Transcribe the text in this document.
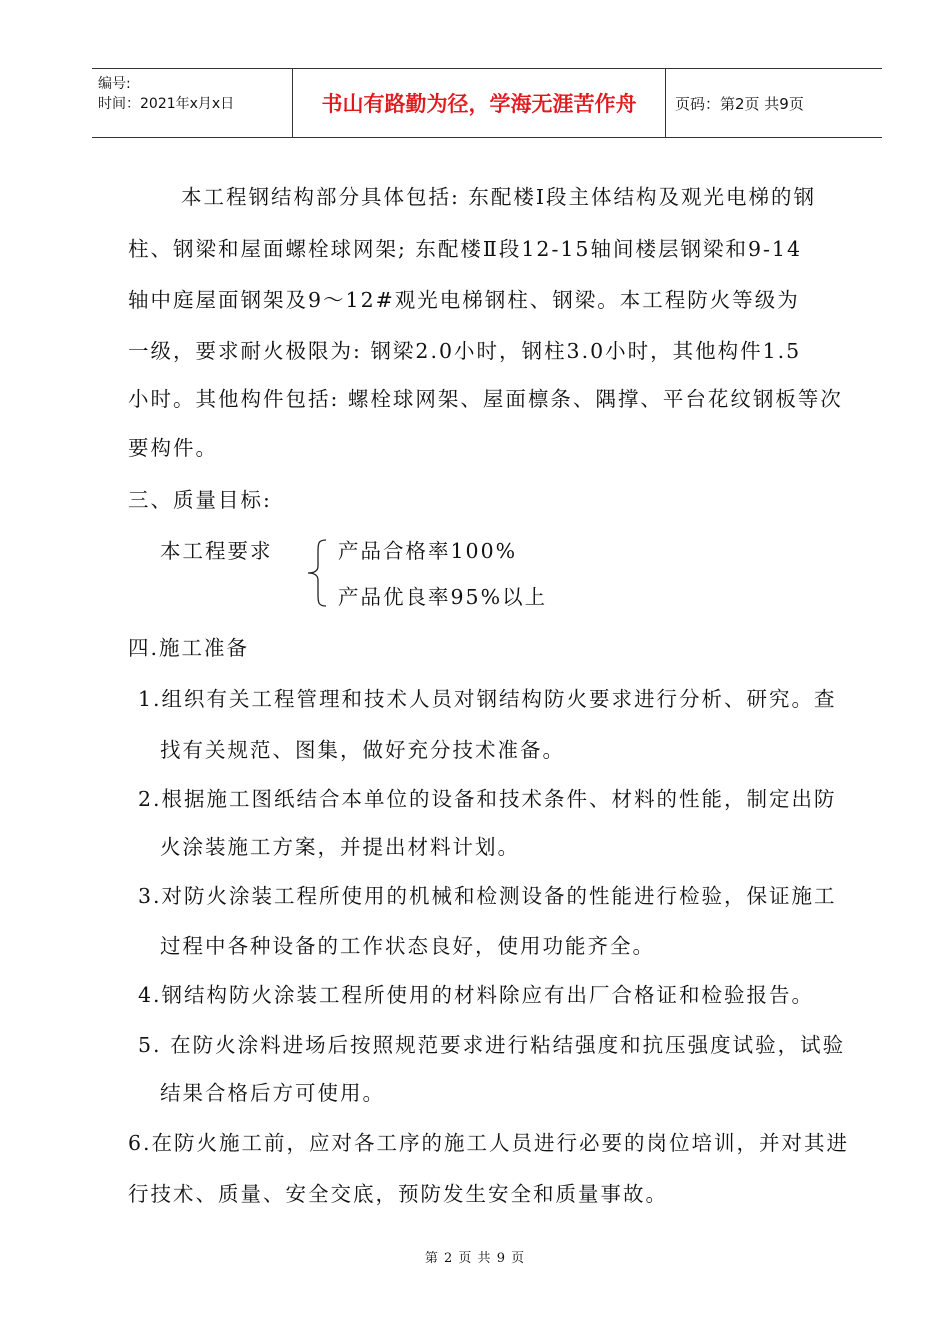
编号:
时间：2021年x月x日	书山有路勤为径，学海无涯苦作舟	页码：第2页 共9页
本工程钢结构部分具体包括: 东配楼Ⅰ段主体结构及观光电梯的钢
柱、钢梁和屋面螺栓球网架; 东配楼Ⅱ段12-15轴间楼层钢梁和9-14
轴中庭屋面钢架及9～12#观光电梯钢柱、钢梁。本工程防火等级为
一级，要求耐火极限为: 钢梁2.0小时，钢柱3.0小时，其他构件1.5
小时。其他构件包括: 螺栓球网架、屋面檩条、隅撑、平台花纹钢板等次
要构件。
三、质量目标:
本工程要求	产品合格率100%
产品优良率95%以上
四.施工准备
1.组织有关工程管理和技术人员对钢结构防火要求进行分析、研究。查
找有关规范、图集，做好充分技术准备。
2.根据施工图纸结合本单位的设备和技术条件、材料的性能，制定出防
火涂装施工方案，并提出材料计划。
3.对防火涂装工程所使用的机械和检测设备的性能进行检验，保证施工
过程中各种设备的工作状态良好，使用功能齐全。
4.钢结构防火涂装工程所使用的材料除应有出厂合格证和检验报告。
5. 在防火涂料进场后按照规范要求进行粘结强度和抗压强度试验，试验
结果合格后方可使用。
6.在防火施工前，应对各工序的施工人员进行必要的岗位培训，并对其进
行技术、质量、安全交底，预防发生安全和质量事故。
第 2 页 共 9 页
